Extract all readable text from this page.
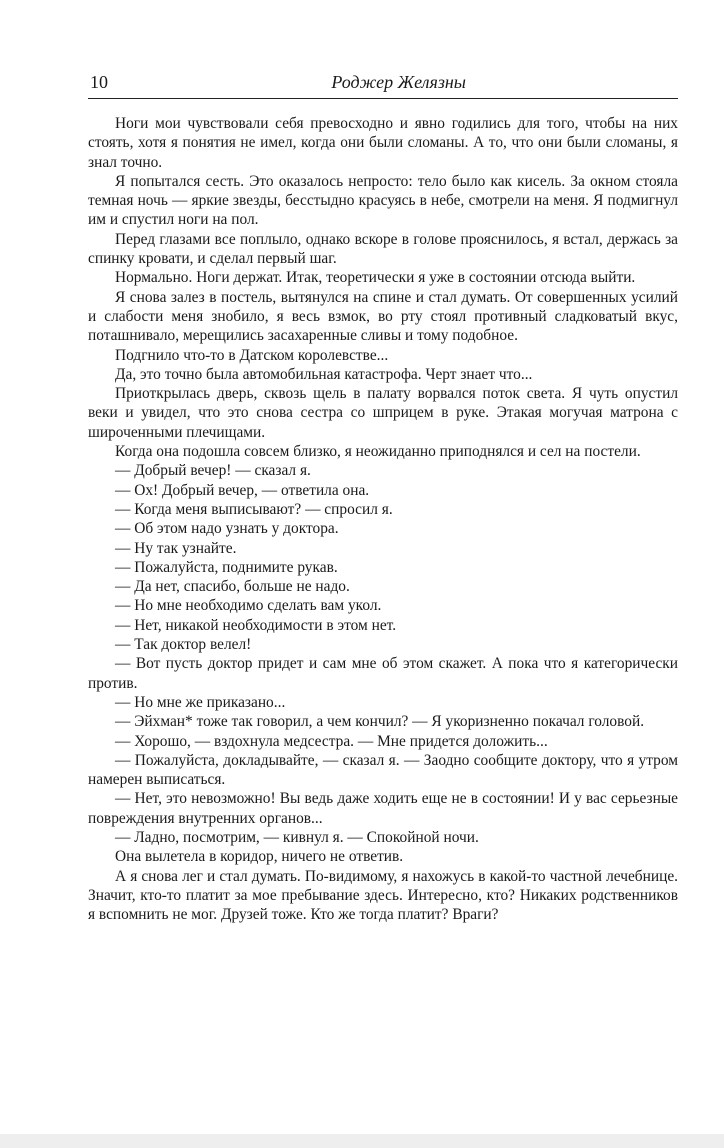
10	Роджер Желязны

Ноги мои чувствовали себя превосходно и явно годились для того, чтобы на них стоять, хотя я понятия не имел, когда они были сломаны. А то, что они были сломаны, я знал точно.

Я попытался сесть. Это оказалось непросто: тело было как кисель. За окном стояла темная ночь — яркие звезды, бесстыдно красуясь в небе, смотрели на меня. Я подмигнул им и спустил ноги на пол.

Перед глазами все поплыло, однако вскоре в голове прояснилось, я встал, держась за спинку кровати, и сделал первый шаг.

Нормально. Ноги держат. Итак, теоретически я уже в состоянии отсюда выйти.

Я снова залез в постель, вытянулся на спине и стал думать. От совершенных усилий и слабости меня знобило, я весь взмок, во рту стоял противный сладковатый вкус, поташнивало, мерещились засахаренные сливы и тому подобное.

Подгнило что-то в Датском королевстве...

Да, это точно была автомобильная катастрофа. Черт знает что...

Приоткрылась дверь, сквозь щель в палату ворвался поток света. Я чуть опустил веки и увидел, что это снова сестра со шприцем в руке. Этакая могучая матрона с широченными плечищами.

Когда она подошла совсем близко, я неожиданно приподнялся и сел на постели.

— Добрый вечер! — сказал я.

— Ох! Добрый вечер, — ответила она.

— Когда меня выписывают? — спросил я.

— Об этом надо узнать у доктора.

— Ну так узнайте.

— Пожалуйста, поднимите рукав.

— Да нет, спасибо, больше не надо.

— Но мне необходимо сделать вам укол.

— Нет, никакой необходимости в этом нет.

— Так доктор велел!

— Вот пусть доктор придет и сам мне об этом скажет. А пока что я категорически против.

— Но мне же приказано...

— Эйхман* тоже так говорил, а чем кончил? — Я укоризненно покачал головой.

— Хорошо, — вздохнула медсестра. — Мне придется доложить...

— Пожалуйста, докладывайте, — сказал я. — Заодно сообщите доктору, что я утром намерен выписаться.

— Нет, это невозможно! Вы ведь даже ходить еще не в состоянии! И у вас серьезные повреждения внутренних органов...

— Ладно, посмотрим, — кивнул я. — Спокойной ночи.

Она вылетела в коридор, ничего не ответив.

А я снова лег и стал думать. По-видимому, я нахожусь в какой-то частной лечебнице. Значит, кто-то платит за мое пребывание здесь. Интересно, кто? Никаких родственников я вспомнить не мог. Друзей тоже. Кто же тогда платит? Враги?
